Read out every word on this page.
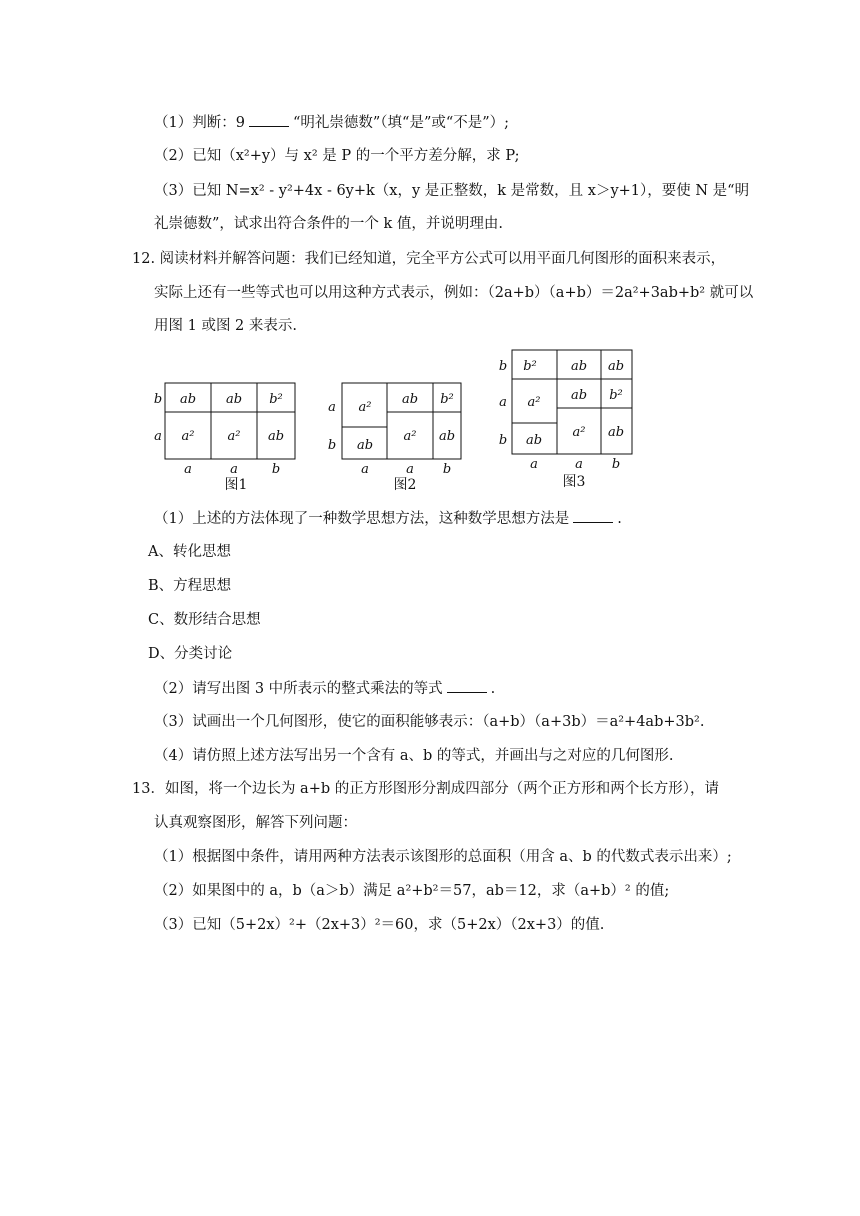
（1）判断：9	“明礼崇德数”（填“是”或“不是”）;
（2）已知（x²+y）与 x² 是 P 的一个平方差分解，求 P;
（3）已知 N=x² - y²+4x - 6y+k（x，y 是正整数，k 是常数，且 x＞y+1），要使 N 是“明
礼崇德数”，试求出符合条件的一个 k 值，并说明理由.
12. 阅读材料并解答问题：我们已经知道，完全平方公式可以用平面几何图形的面积来表示，
实际上还有一些等式也可以用这种方式表示，例如：（2a+b）（a+b）＝2a²+3ab+b² 就可以
用图 1 或图 2 来表示.
ab ab b²
a²	a² ab
b
a
a	a	b
图1
a²
ab b²
ab
a² ab
a
b
a	a b
图2
b²	ab ab
a² ab b²
ab
a² ab
b
a
b
a	a b
图3
（1）上述的方法体现了一种数学思想方法，这种数学思想方法是	.
A、转化思想
B、方程思想
C、数形结合思想
D、分类讨论
（2）请写出图 3 中所表示的整式乘法的等式	.
（3）试画出一个几何图形，使它的面积能够表示：（a+b）（a+3b）＝a²+4ab+3b².
（4）请仿照上述方法写出另一个含有 a、b 的等式，并画出与之对应的几何图形.
13．如图，将一个边长为 a+b 的正方形图形分割成四部分（两个正方形和两个长方形），请
认真观察图形，解答下列问题：
（1）根据图中条件，请用两种方法表示该图形的总面积（用含 a、b 的代数式表示出来）;
（2）如果图中的 a，b（a＞b）满足 a²+b²＝57，ab＝12，求（a+b）² 的值;
（3）已知（5+2x）²+（2x+3）²＝60，求（5+2x）（2x+3）的值.
